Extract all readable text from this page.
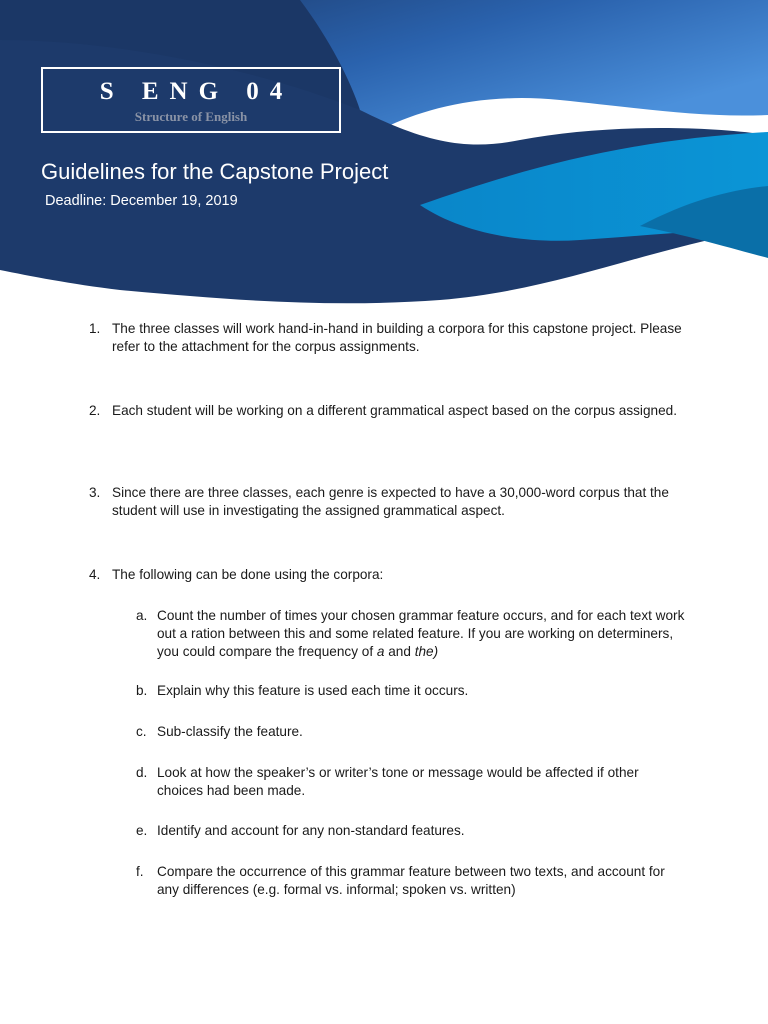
S ENG 04
Structure of English
Guidelines for the Capstone Project
Deadline: December 19, 2019
1. The three classes will work hand-in-hand in building a corpora for this capstone project. Please refer to the attachment for the corpus assignments.
2. Each student will be working on a different grammatical aspect based on the corpus assigned.
3. Since there are three classes, each genre is expected to have a 30,000-word corpus that the student will use in investigating the assigned grammatical aspect.
4. The following can be done using the corpora:
a. Count the number of times your chosen grammar feature occurs, and for each text work out a ration between this and some related feature. If you are working on determiners, you could compare the frequency of a and the)
b. Explain why this feature is used each time it occurs.
c. Sub-classify the feature.
d. Look at how the speaker’s or writer’s tone or message would be affected if other choices had been made.
e. Identify and account for any non-standard features.
f. Compare the occurrence of this grammar feature between two texts, and account for any differences (e.g. formal vs. informal; spoken vs. written)
